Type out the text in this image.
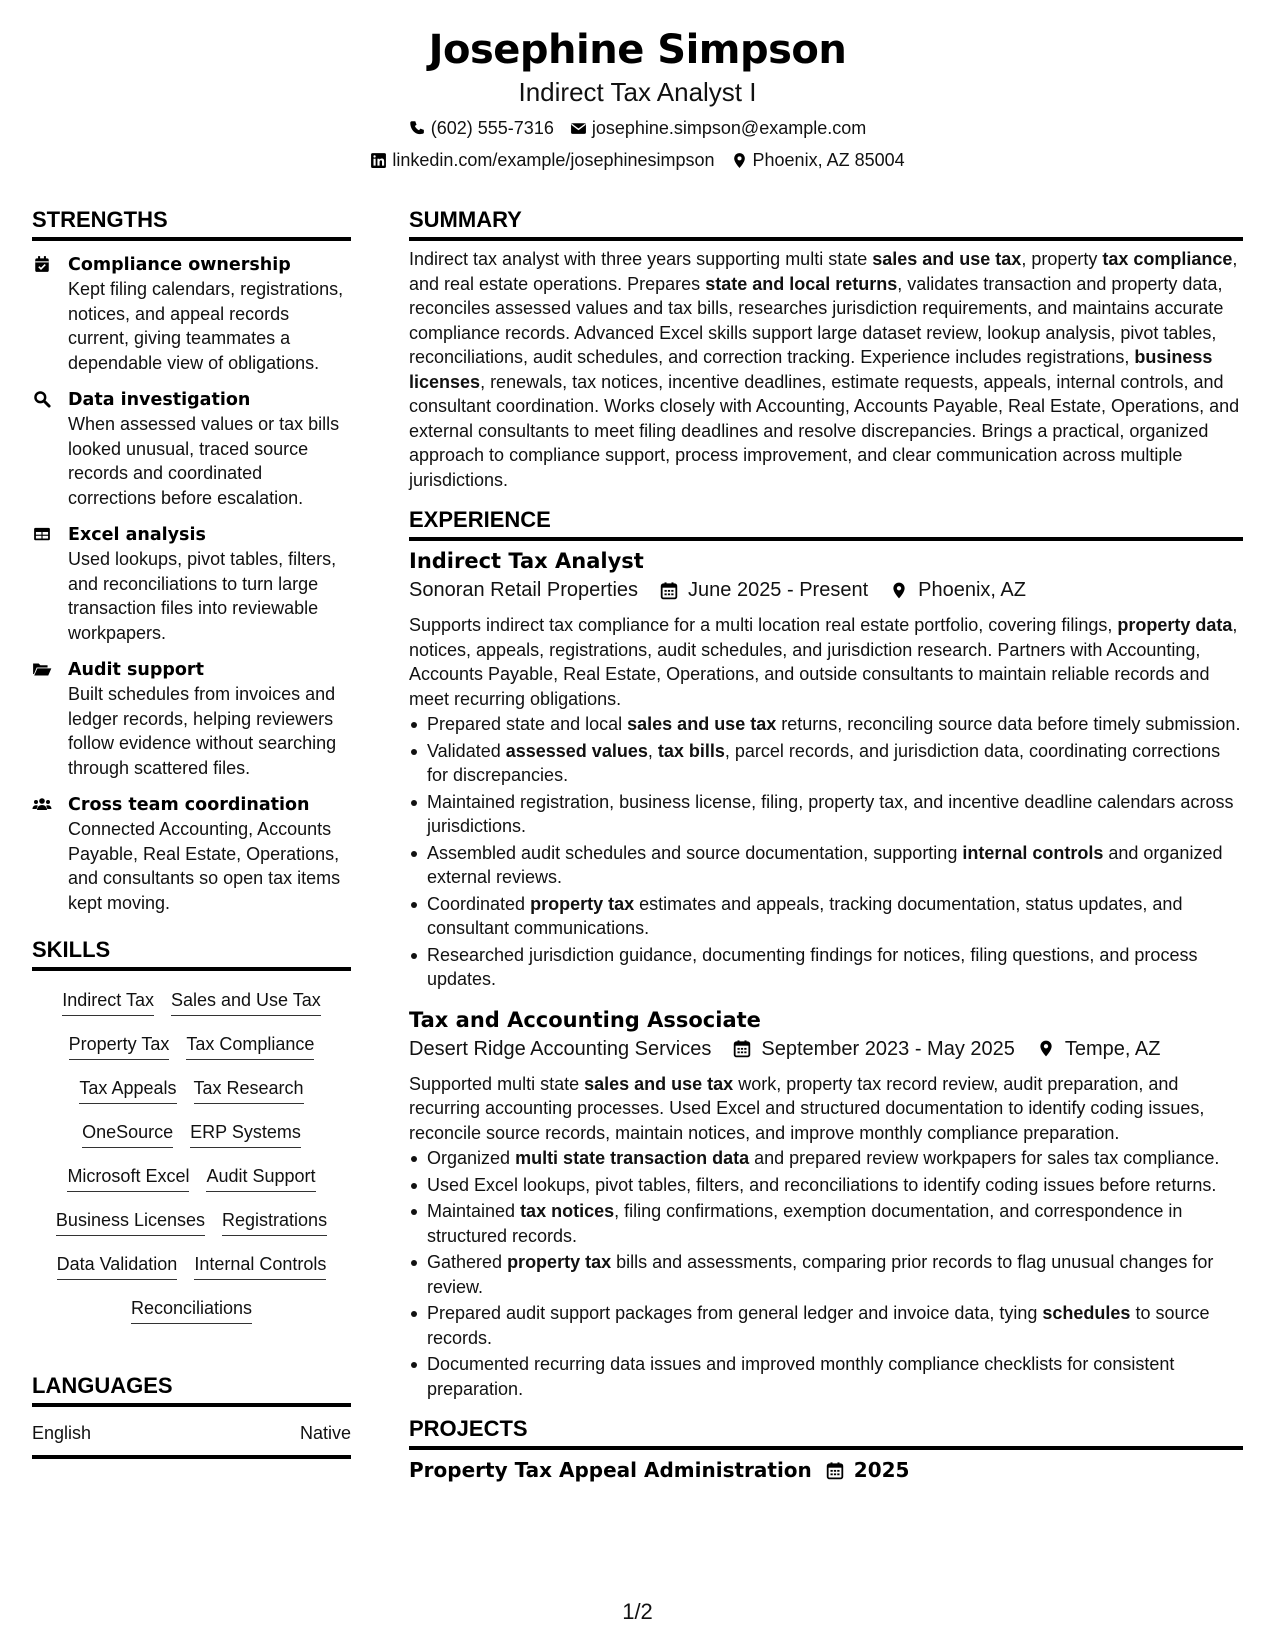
Josephine Simpson
Indirect Tax Analyst I
(602) 555-7316 josephine.simpson@example.com
linkedin.com/example/josephinesimpson Phoenix, AZ 85004
STRENGTHS
Compliance ownership
Kept filing calendars, registrations, notices, and appeal records current, giving teammates a dependable view of obligations.
Data investigation
When assessed values or tax bills looked unusual, traced source records and coordinated corrections before escalation.
Excel analysis
Used lookups, pivot tables, filters, and reconciliations to turn large transaction files into reviewable workpapers.
Audit support
Built schedules from invoices and ledger records, helping reviewers follow evidence without searching through scattered files.
Cross team coordination
Connected Accounting, Accounts Payable, Real Estate, Operations, and consultants so open tax items kept moving.
SKILLS
Indirect Tax Sales and Use Tax
Property Tax Tax Compliance
Tax Appeals Tax Research
OneSource ERP Systems
Microsoft Excel Audit Support
Business Licenses Registrations
Data Validation Internal Controls
Reconciliations
LANGUAGES
English	Native
SUMMARY
Indirect tax analyst with three years supporting multi state sales and use tax, property tax compliance, and real estate operations. Prepares state and local returns, validates transaction and property data, reconciles assessed values and tax bills, researches jurisdiction requirements, and maintains accurate compliance records. Advanced Excel skills support large dataset review, lookup analysis, pivot tables, reconciliations, audit schedules, and correction tracking. Experience includes registrations, business licenses, renewals, tax notices, incentive deadlines, estimate requests, appeals, internal controls, and consultant coordination. Works closely with Accounting, Accounts Payable, Real Estate, Operations, and external consultants to meet filing deadlines and resolve discrepancies. Brings a practical, organized approach to compliance support, process improvement, and clear communication across multiple jurisdictions.
EXPERIENCE
Indirect Tax Analyst
Sonoran Retail Properties	June 2025 - Present	Phoenix, AZ
Supports indirect tax compliance for a multi location real estate portfolio, covering filings, property data, notices, appeals, registrations, audit schedules, and jurisdiction research. Partners with Accounting, Accounts Payable, Real Estate, Operations, and outside consultants to maintain reliable records and meet recurring obligations.
Prepared state and local sales and use tax returns, reconciling source data before timely submission.
Validated assessed values, tax bills, parcel records, and jurisdiction data, coordinating corrections for discrepancies.
Maintained registration, business license, filing, property tax, and incentive deadline calendars across jurisdictions.
Assembled audit schedules and source documentation, supporting internal controls and organized external reviews.
Coordinated property tax estimates and appeals, tracking documentation, status updates, and consultant communications.
Researched jurisdiction guidance, documenting findings for notices, filing questions, and process updates.
Tax and Accounting Associate
Desert Ridge Accounting Services	September 2023 - May 2025	Tempe, AZ
Supported multi state sales and use tax work, property tax record review, audit preparation, and recurring accounting processes. Used Excel and structured documentation to identify coding issues, reconcile source records, maintain notices, and improve monthly compliance preparation.
Organized multi state transaction data and prepared review workpapers for sales tax compliance.
Used Excel lookups, pivot tables, filters, and reconciliations to identify coding issues before returns.
Maintained tax notices, filing confirmations, exemption documentation, and correspondence in structured records.
Gathered property tax bills and assessments, comparing prior records to flag unusual changes for review.
Prepared audit support packages from general ledger and invoice data, tying schedules to source records.
Documented recurring data issues and improved monthly compliance checklists for consistent preparation.
PROJECTS
Property Tax Appeal Administration 2025
1/2
